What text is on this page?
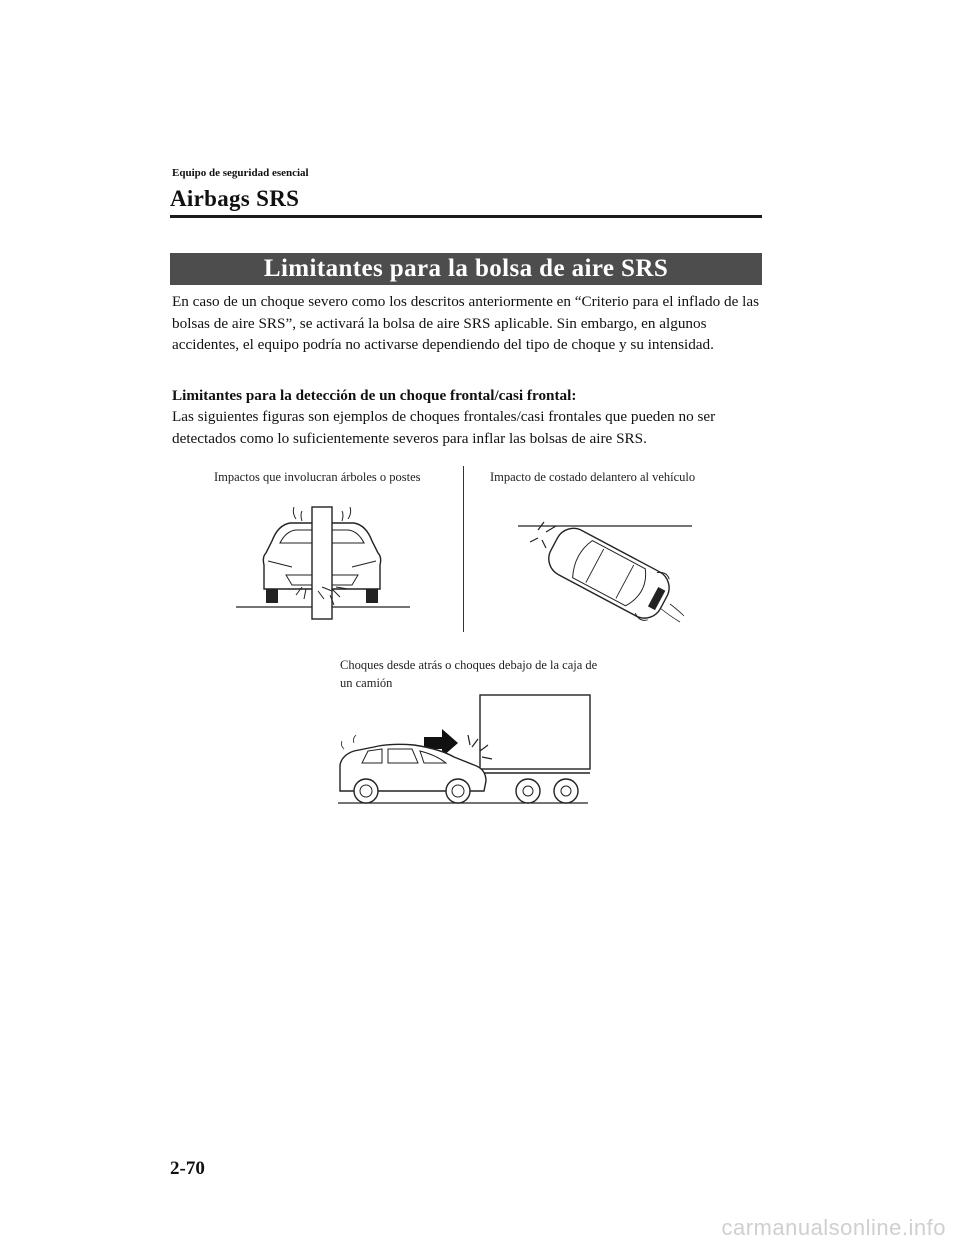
Equipo de seguridad esencial
Airbags SRS
Limitantes para la bolsa de aire SRS
En caso de un choque severo como los descritos anteriormente en “Criterio para el inflado de las bolsas de aire SRS”, se activará la bolsa de aire SRS aplicable. Sin embargo, en algunos accidentes, el equipo podría no activarse dependiendo del tipo de choque y su intensidad.
Limitantes para la detección de un choque frontal/casi frontal:
Las siguientes figuras son ejemplos de choques frontales/casi frontales que pueden no ser detectados como lo suficientemente severos para inflar las bolsas de aire SRS.
Impactos que involucran árboles o postes	Impacto de costado delantero al vehículo
Choques desde atrás o choques debajo de la caja de un camión
2-70
carmanualsonline.info
